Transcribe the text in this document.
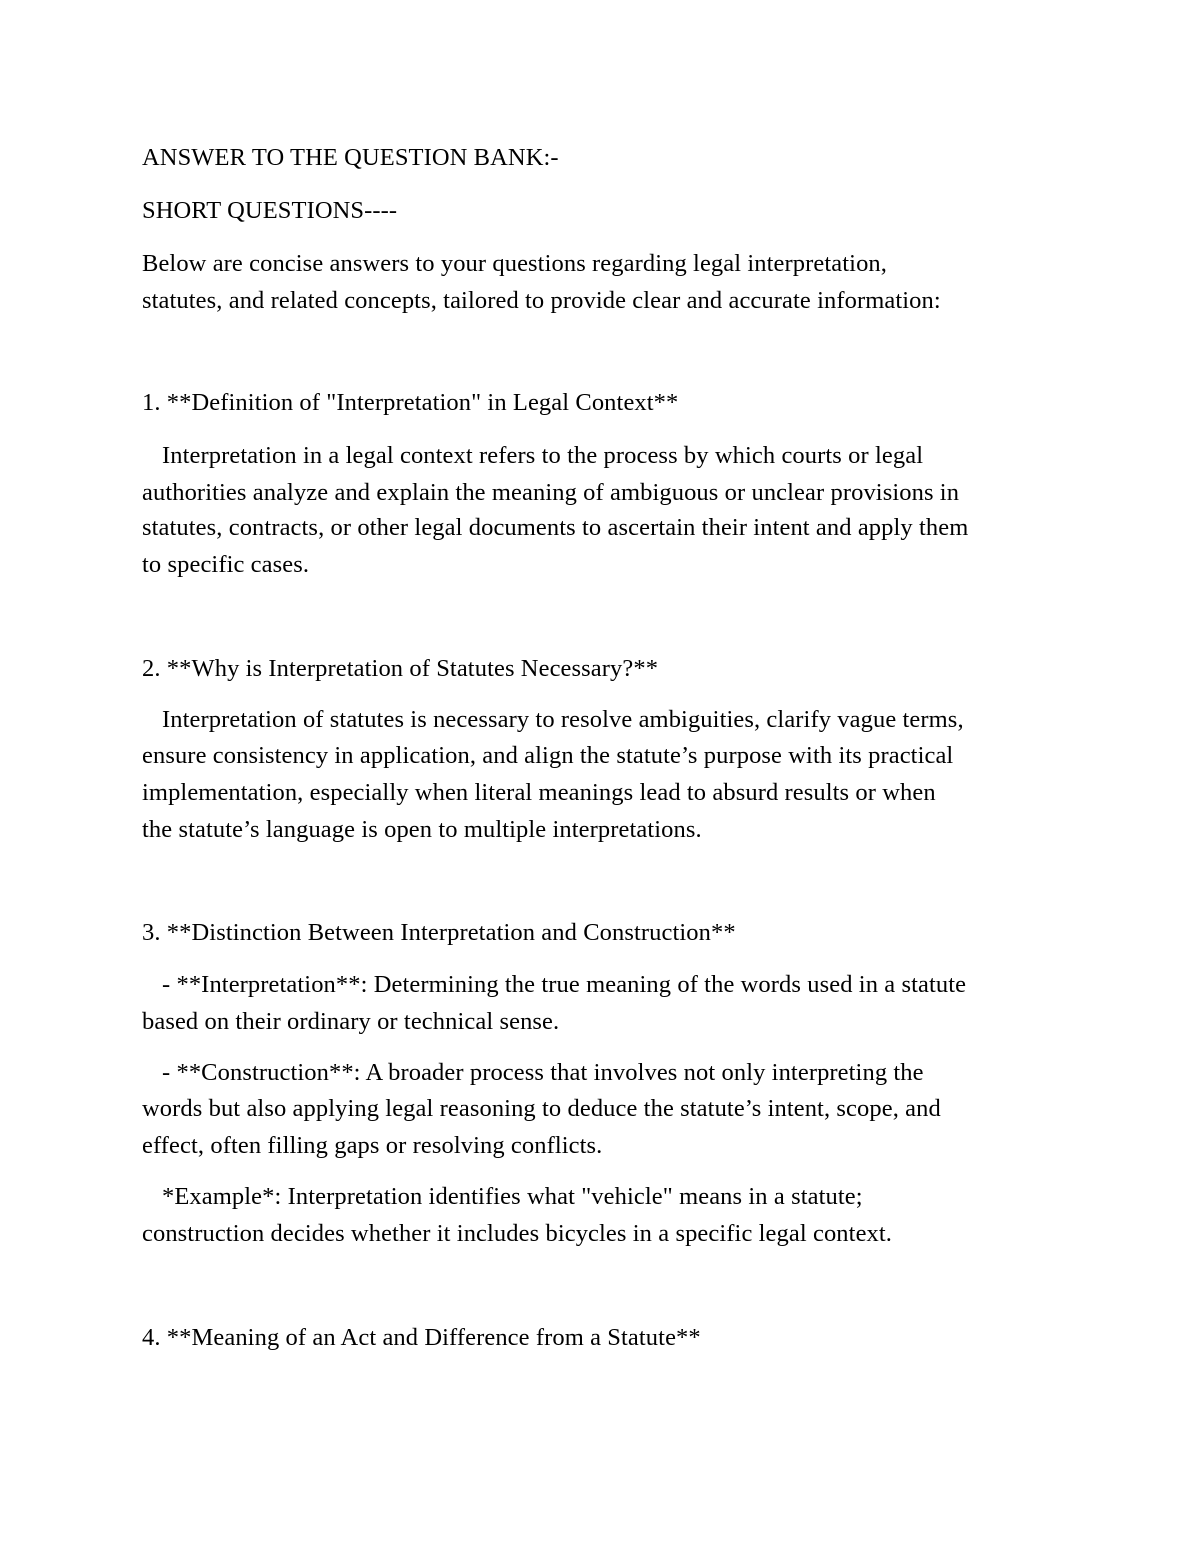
ANSWER TO THE QUESTION BANK:-
SHORT QUESTIONS----
Below are concise answers to your questions regarding legal interpretation,
statutes, and related concepts, tailored to provide clear and accurate information:
1. **Definition of "Interpretation" in Legal Context**
Interpretation in a legal context refers to the process by which courts or legal
authorities analyze and explain the meaning of ambiguous or unclear provisions in
statutes, contracts, or other legal documents to ascertain their intent and apply them
to specific cases.
2. **Why is Interpretation of Statutes Necessary?**
Interpretation of statutes is necessary to resolve ambiguities, clarify vague terms,
ensure consistency in application, and align the statute’s purpose with its practical
implementation, especially when literal meanings lead to absurd results or when
the statute’s language is open to multiple interpretations.
3. **Distinction Between Interpretation and Construction**
- **Interpretation**: Determining the true meaning of the words used in a statute
based on their ordinary or technical sense.
- **Construction**: A broader process that involves not only interpreting the
words but also applying legal reasoning to deduce the statute’s intent, scope, and
effect, often filling gaps or resolving conflicts.
*Example*: Interpretation identifies what "vehicle" means in a statute;
construction decides whether it includes bicycles in a specific legal context.
4. **Meaning of an Act and Difference from a Statute**
